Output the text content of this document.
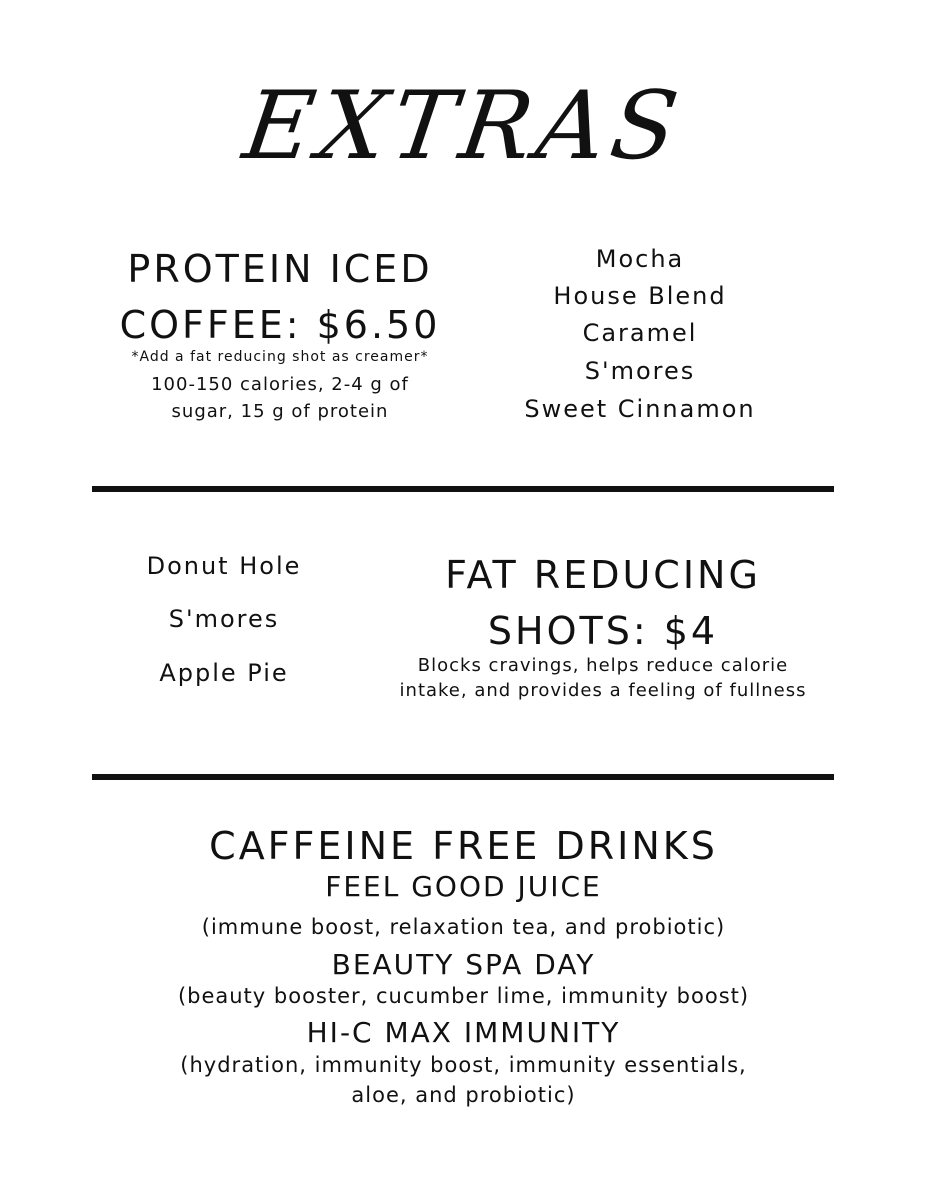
EXTRAS
PROTEIN ICED
COFFEE: $6.50
*Add a fat reducing shot as creamer*
100-150 calories, 2-4 g of
sugar, 15 g of protein
Mocha
House Blend
Caramel
S'mores
Sweet Cinnamon
Donut Hole
S'mores
Apple Pie
FAT REDUCING
SHOTS: $4
Blocks cravings, helps reduce calorie
intake, and provides a feeling of fullness
CAFFEINE FREE DRINKS
FEEL GOOD JUICE
(immune boost, relaxation tea, and probiotic)
BEAUTY SPA DAY
(beauty booster, cucumber lime, immunity boost)
HI-C MAX IMMUNITY
(hydration, immunity boost, immunity essentials,
aloe, and probiotic)
